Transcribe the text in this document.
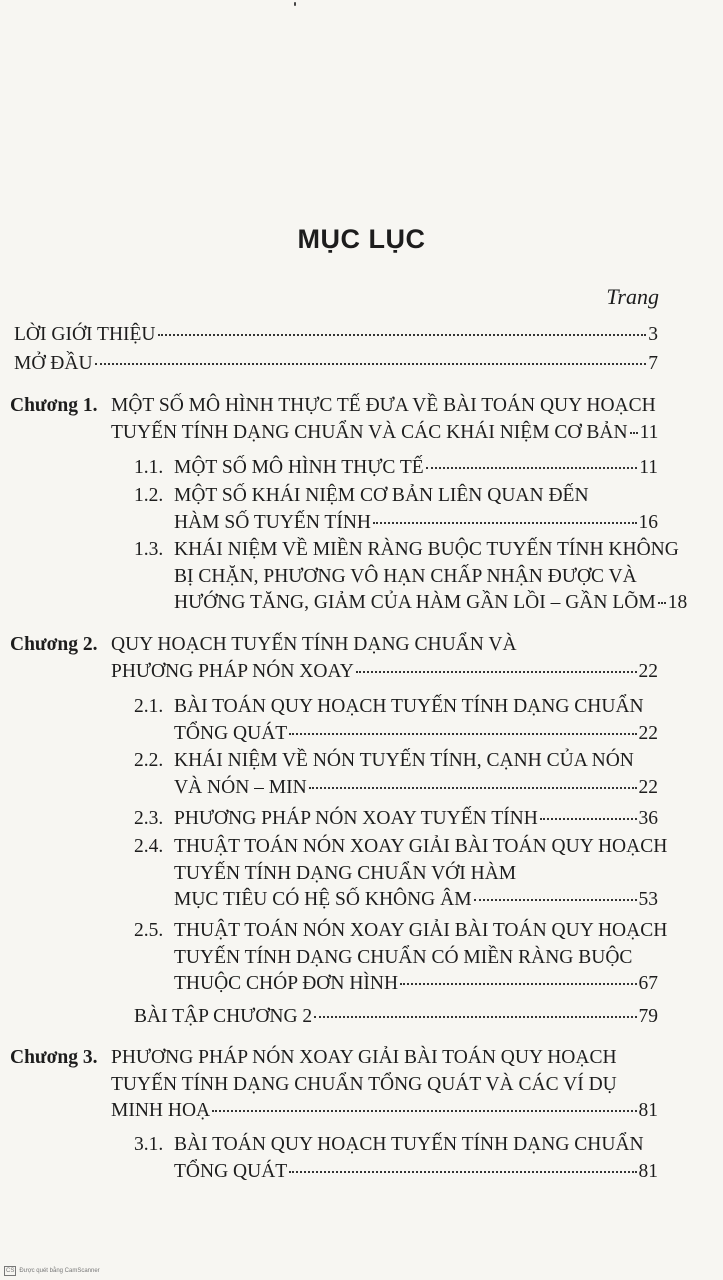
MỤC LỤC
Trang
LỜI GIỚI THIỆU	3
MỞ ĐẦU	7
Chương 1. MỘT SỐ MÔ HÌNH THỰC TẾ ĐƯA VỀ BÀI TOÁN QUY HOẠCH
TUYẾN TÍNH DẠNG CHUẨN VÀ CÁC KHÁI NIỆM CƠ BẢN 11
1.1. MỘT SỐ MÔ HÌNH THỰC TẾ	11
1.2. MỘT SỐ KHÁI NIỆM CƠ BẢN LIÊN QUAN ĐẾN
HÀM SỐ TUYẾN TÍNH	16
1.3. KHÁI NIỆM VỀ MIỀN RÀNG BUỘC TUYẾN TÍNH KHÔNG
BỊ CHẶN, PHƯƠNG VÔ HẠN CHẤP NHẬN ĐƯỢC VÀ
HƯỚNG TĂNG, GIẢM CỦA HÀM GẦN LỒI – GẦN LÕM 18
Chương 2. QUY HOẠCH TUYẾN TÍNH DẠNG CHUẨN VÀ
PHƯƠNG PHÁP NÓN XOAY	22
2.1. BÀI TOÁN QUY HOẠCH TUYẾN TÍNH DẠNG CHUẨN
TỔNG QUÁT	22
2.2. KHÁI NIỆM VỀ NÓN TUYẾN TÍNH, CẠNH CỦA NÓN
VÀ NÓN – MIN	22
2.3. PHƯƠNG PHÁP NÓN XOAY TUYẾN TÍNH	36
2.4. THUẬT TOÁN NÓN XOAY GIẢI BÀI TOÁN QUY HOẠCH
TUYẾN TÍNH DẠNG CHUẨN VỚI HÀM
MỤC TIÊU CÓ HỆ SỐ KHÔNG ÂM	53
2.5. THUẬT TOÁN NÓN XOAY GIẢI BÀI TOÁN QUY HOẠCH
TUYẾN TÍNH DẠNG CHUẨN CÓ MIỀN RÀNG BUỘC
THUỘC CHÓP ĐƠN HÌNH	67
BÀI TẬP CHƯƠNG 2	79
Chương 3. PHƯƠNG PHÁP NÓN XOAY GIẢI BÀI TOÁN QUY HOẠCH
TUYẾN TÍNH DẠNG CHUẨN TỔNG QUÁT VÀ CÁC VÍ DỤ
MINH HOẠ	81
3.1. BÀI TOÁN QUY HOẠCH TUYẾN TÍNH DẠNG CHUẨN
TỔNG QUÁT	81
CS Được quét bằng CamScanner
